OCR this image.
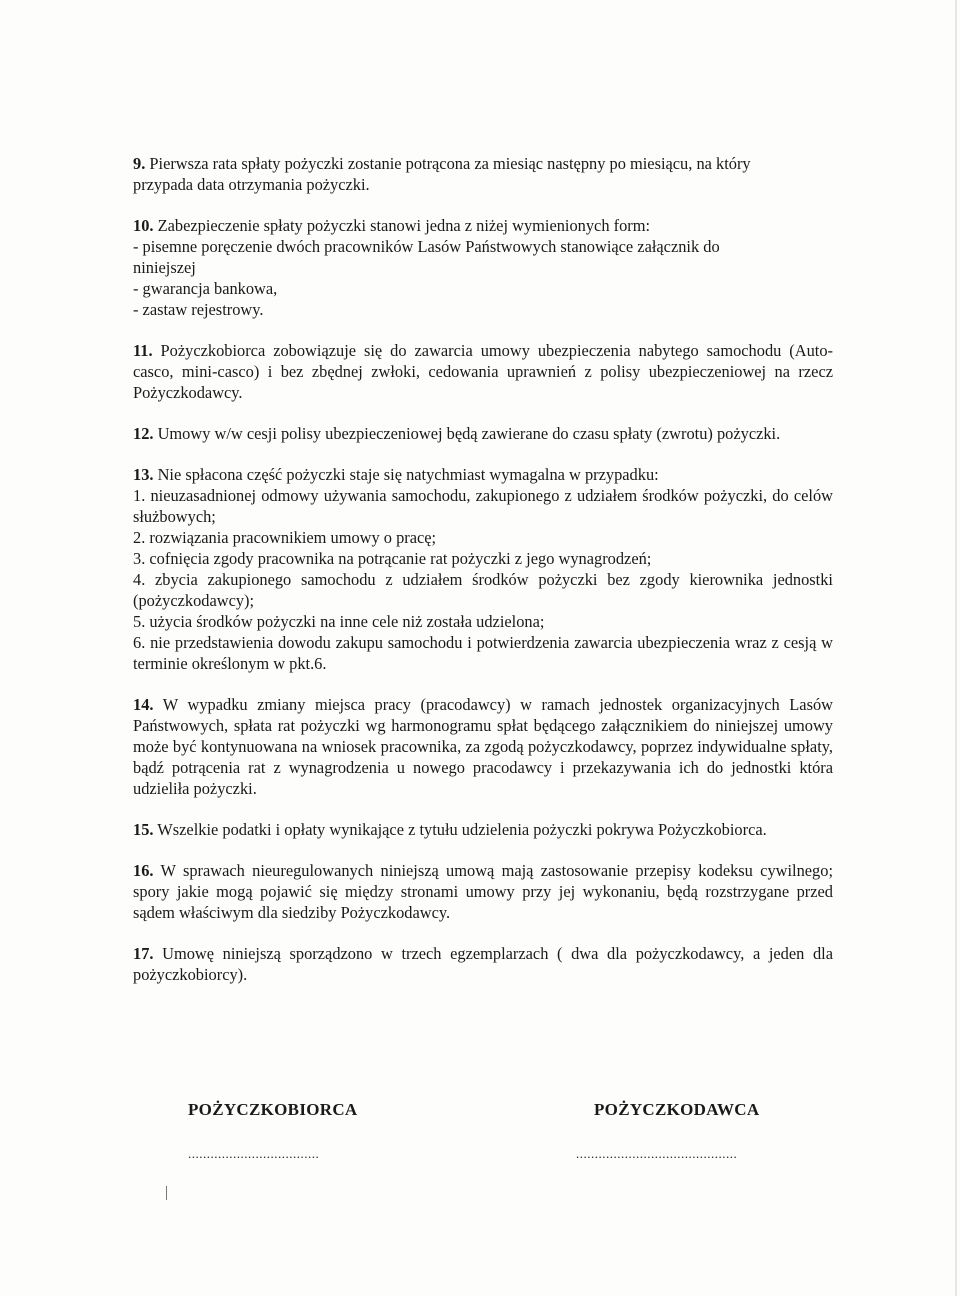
9. Pierwsza rata spłaty pożyczki zostanie potrącona za miesiąc następny po miesiącu, na który

przypada data otrzymania pożyczki.

10. Zabezpieczenie spłaty pożyczki stanowi jedna z niżej wymienionych form:

- pisemne poręczenie dwóch pracowników Lasów Państwowych stanowiące załącznik do

niniejszej

- gwarancja bankowa,

- zastaw rejestrowy.

11. Pożyczkobiorca zobowiązuje się do zawarcia umowy ubezpieczenia nabytego samochodu (Auto-casco, mini-casco) i bez zbędnej zwłoki, cedowania uprawnień z polisy ubezpieczeniowej na rzecz Pożyczkodawcy.
12. Umowy w/w cesji polisy ubezpieczeniowej będą zawierane do czasu spłaty (zwrotu) pożyczki.

13. Nie spłacona część pożyczki staje się natychmiast wymagalna w przypadku:

1. nieuzasadnionej odmowy używania samochodu, zakupionego z udziałem środków pożyczki, do celów służbowych;

2. rozwiązania pracownikiem umowy o pracę;

3. cofnięcia zgody pracownika na potrącanie rat pożyczki z jego wynagrodzeń;

4. zbycia zakupionego samochodu z udziałem środków pożyczki bez zgody kierownika jednostki (pożyczkodawcy);

5. użycia środków pożyczki na inne cele niż została udzielona;

6. nie przedstawienia dowodu zakupu samochodu i potwierdzenia zawarcia ubezpieczenia wraz z cesją w terminie określonym w pkt.6.

14. W wypadku zmiany miejsca pracy (pracodawcy) w ramach jednostek organizacyjnych Lasów Państwowych, spłata rat pożyczki wg harmonogramu spłat będącego załącznikiem do niniejszej umowy może być kontynuowana na wniosek pracownika, za zgodą pożyczkodawcy, poprzez indywidualne spłaty, bądź potrącenia rat z wynagrodzenia u nowego pracodawcy i przekazywania ich do jednostki która udzieliła pożyczki.
15. Wszelkie podatki i opłaty wynikające z tytułu udzielenia pożyczki pokrywa Pożyczkobiorca.
16. W sprawach nieuregulowanych niniejszą umową mają zastosowanie przepisy kodeksu cywilnego; spory jakie mogą pojawić się między stronami umowy przy jej wykonaniu, będą rozstrzygane przed sądem właściwym dla siedziby Pożyczkodawcy.
17. Umowę niniejszą sporządzono w trzech egzemplarzach ( dwa dla pożyczkodawcy, a jeden dla pożyczkobiorcy).
POŻYCZKOBIORCA	POŻYCZKODAWCA
...................................	...........................................
